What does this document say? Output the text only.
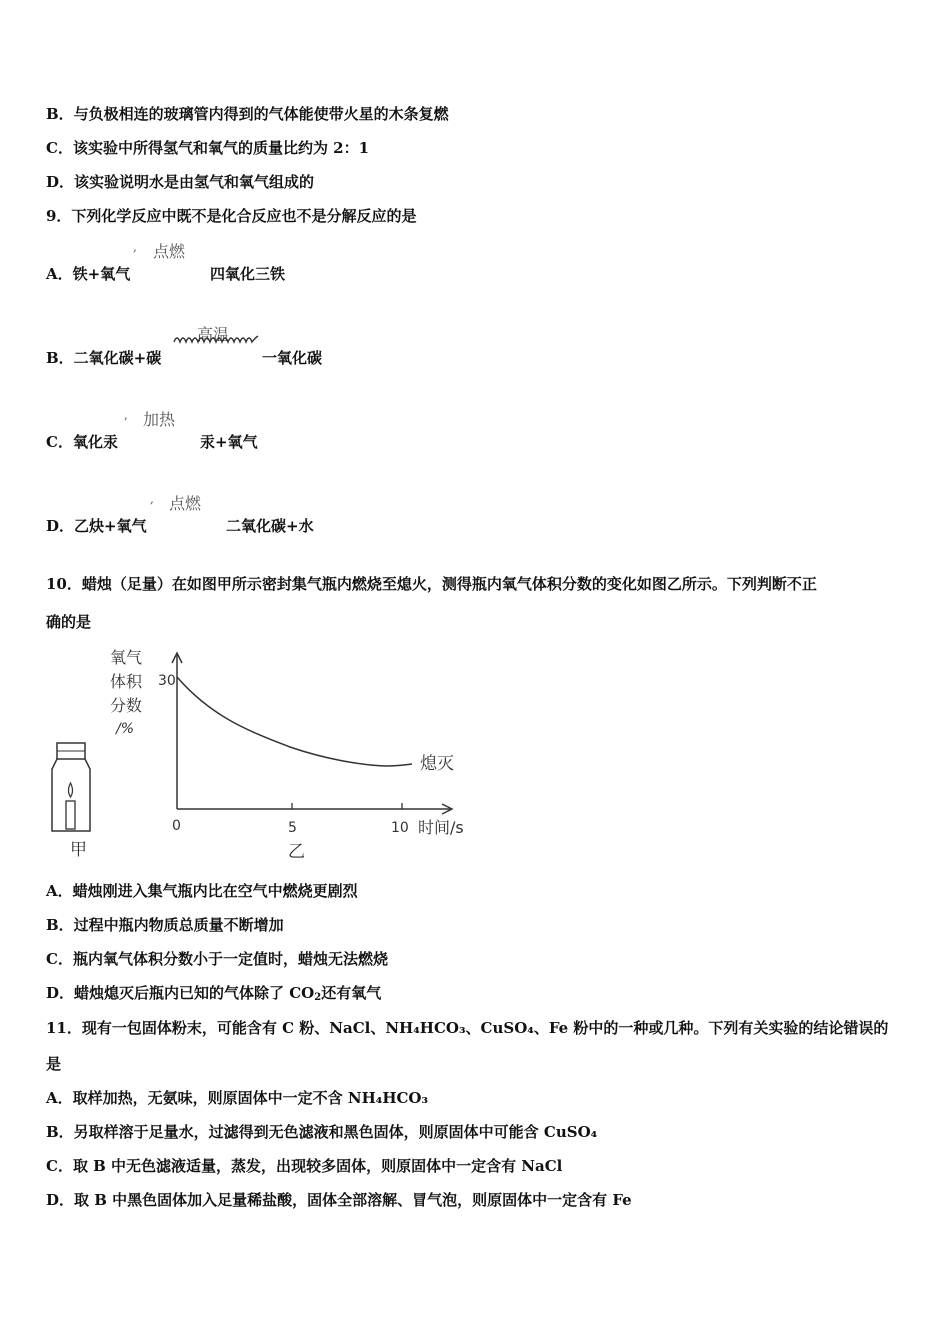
B．与负极相连的玻璃管内得到的气体能使带火星的木条复燃
C．该实验中所得氢气和氧气的质量比约为 2：1
D．该实验说明水是由氢气和氧气组成的
9．下列化学反应中既不是化合反应也不是分解反应的是
, 点燃
A．铁+氧气	四氧化三铁
高温
B．二氧化碳+碳	一氧化碳
, 加热
C．氧化汞	汞+氧气
, 点燃
D．乙炔+氧气	二氧化碳+水
10．蜡烛（足量）在如图甲所示密封集气瓶内燃烧至熄火，测得瓶内氧气体积分数的变化如图乙所示。下列判断不正
确的是
甲
氧气
体积
分数
/%
30
0	5	10 时间/s
熄灭
乙
A．蜡烛刚进入集气瓶内比在空气中燃烧更剧烈
B．过程中瓶内物质总质量不断增加
C．瓶内氧气体积分数小于一定值时，蜡烛无法燃烧
D．蜡烛熄灭后瓶内已知的气体除了 $CO_2$还有氧气
11．现有一包固体粉末，可能含有 C 粉、NaCl、NH₄HCO₃、CuSO₄、Fe 粉中的一种或几种。下列有关实验的结论错误的
是
A．取样加热，无氨味，则原固体中一定不含 NH₄HCO₃
B．另取样溶于足量水，过滤得到无色滤液和黑色固体，则原固体中可能含 CuSO₄
C．取 B 中无色滤液适量，蒸发，出现较多固体，则原固体中一定含有 NaCl
D．取 B 中黑色固体加入足量稀盐酸，固体全部溶解、冒气泡，则原固体中一定含有 Fe
